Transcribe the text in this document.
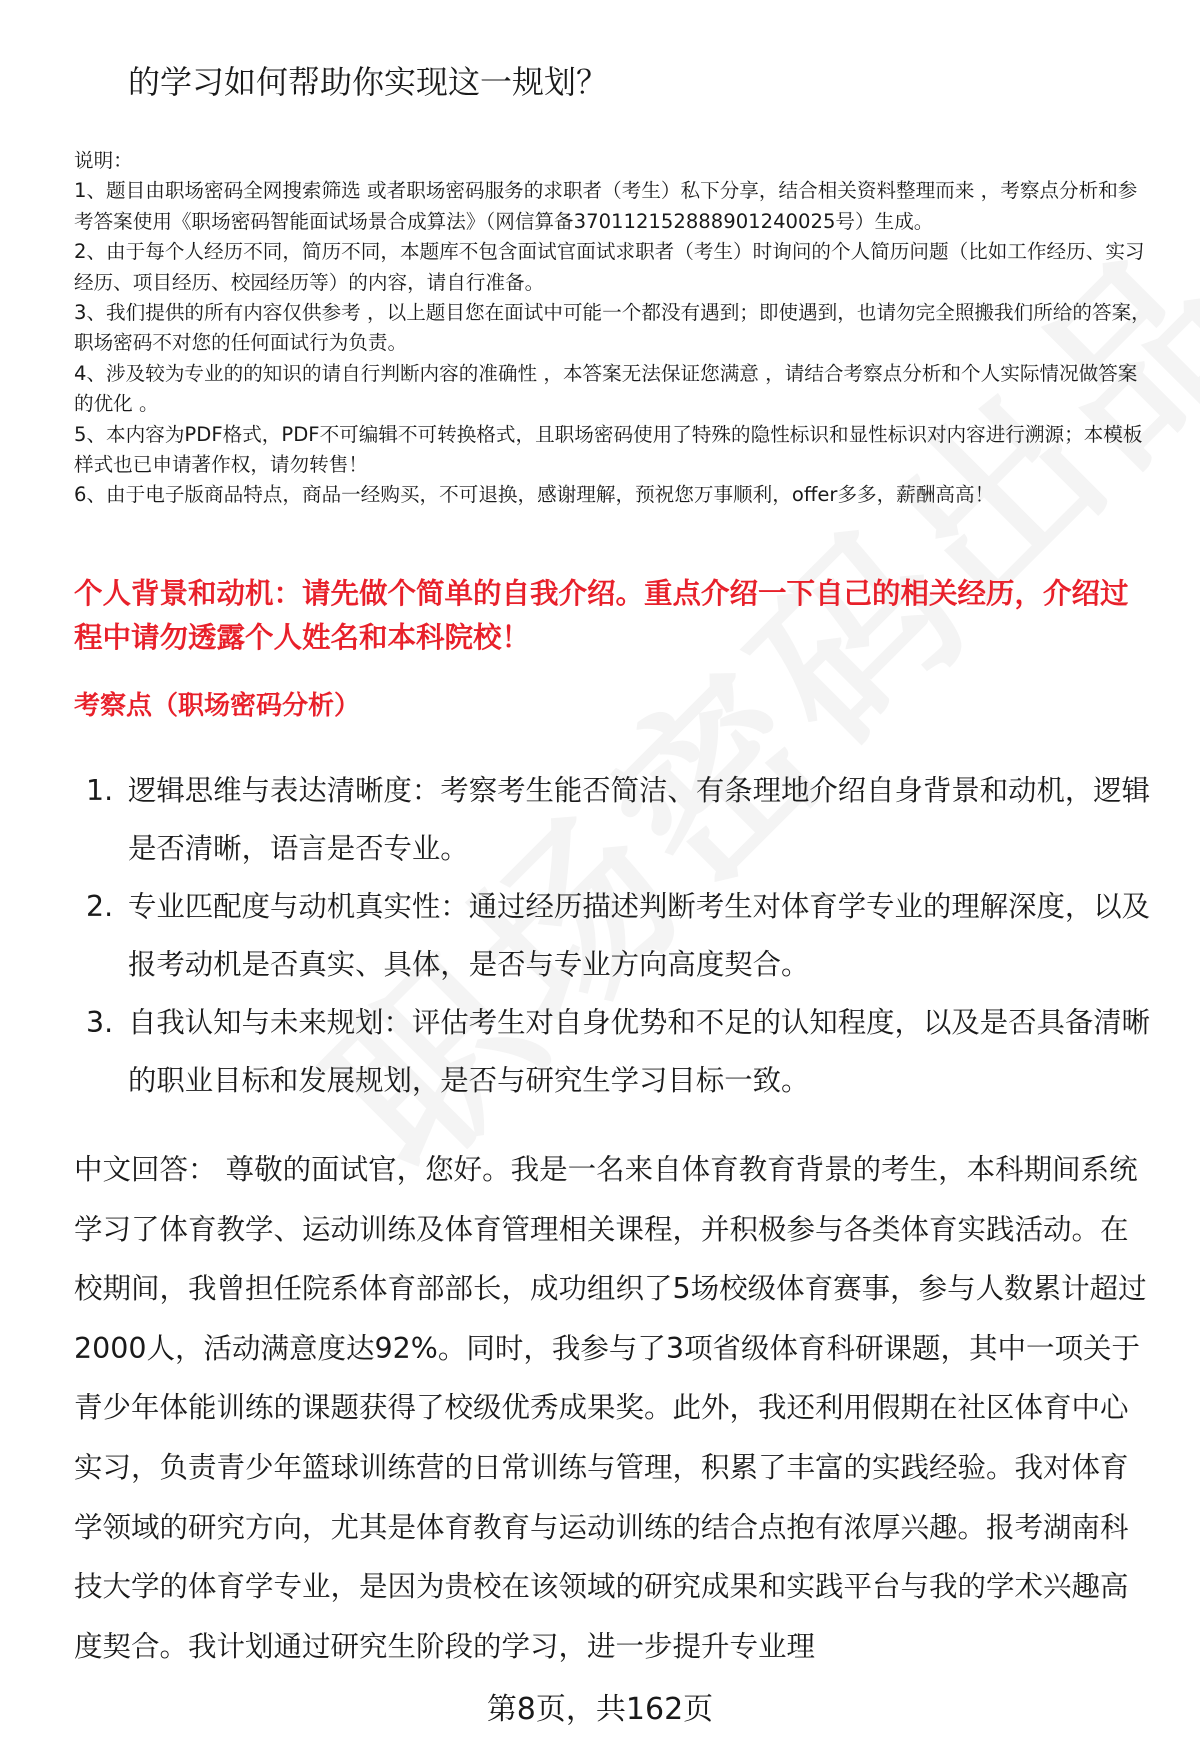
的学习如何帮助你实现这一规划？

说明：

1、题目由职场密码全网搜索筛选 或者职场密码服务的求职者（考生）私下分享，结合相关资料整理而来 ，考察点分析和参考答案使用《职场密码智能面试场景合成算法》（网信算备370112152888901240025号）生成。

2、由于每个人经历不同，简历不同，本题库不包含面试官面试求职者（考生）时询问的个人简历问题（比如工作经历、实习经历、项目经历、校园经历等）的内容，请自行准备。

3、我们提供的所有内容仅供参考 ，以上题目您在面试中可能一个都没有遇到；即使遇到，也请勿完全照搬我们所给的答案，职场密码不对您的任何面试行为负责。

4、涉及较为专业的的知识的请自行判断内容的准确性 ，本答案无法保证您满意 ，请结合考察点分析和个人实际情况做答案的优化 。

5、本内容为PDF格式，PDF不可编辑不可转换格式，且职场密码使用了特殊的隐性标识和显性标识对内容进行溯源；本模板样式也已申请著作权，请勿转售！

6、由于电子版商品特点，商品一经购买，不可退换，感谢理解，预祝您万事顺利，offer多多，薪酬高高！

个人背景和动机：请先做个简单的自我介绍。重点介绍一下自己的相关经历，介绍过程中请勿透露个人姓名和本科院校！

考察点（职场密码分析）

1. 逻辑思维与表达清晰度：考察考生能否简洁、有条理地介绍自身背景和动机，逻辑是否清晰，语言是否专业。
2. 专业匹配度与动机真实性：通过经历描述判断考生对体育学专业的理解深度，以及报考动机是否真实、具体，是否与专业方向高度契合。
3. 自我认知与未来规划：评估考生对自身优势和不足的认知程度，以及是否具备清晰的职业目标和发展规划，是否与研究生学习目标一致。

中文回答： 尊敬的面试官，您好。我是一名来自体育教育背景的考生，本科期间系统学习了体育教学、运动训练及体育管理相关课程，并积极参与各类体育实践活动。在校期间，我曾担任院系体育部部长，成功组织了5场校级体育赛事，参与人数累计超过2000人，活动满意度达92%。同时，我参与了3项省级体育科研课题，其中一项关于青少年体能训练的课题获得了校级优秀成果奖。此外，我还利用假期在社区体育中心实习，负责青少年篮球训练营的日常训练与管理，积累了丰富的实践经验。我对体育学领域的研究方向，尤其是体育教育与运动训练的结合点抱有浓厚兴趣。报考湖南科技大学的体育学专业，是因为贵校在该领域的研究成果和实践平台与我的学术兴趣高度契合。我计划通过研究生阶段的学习，进一步提升专业理

第8页，共162页
